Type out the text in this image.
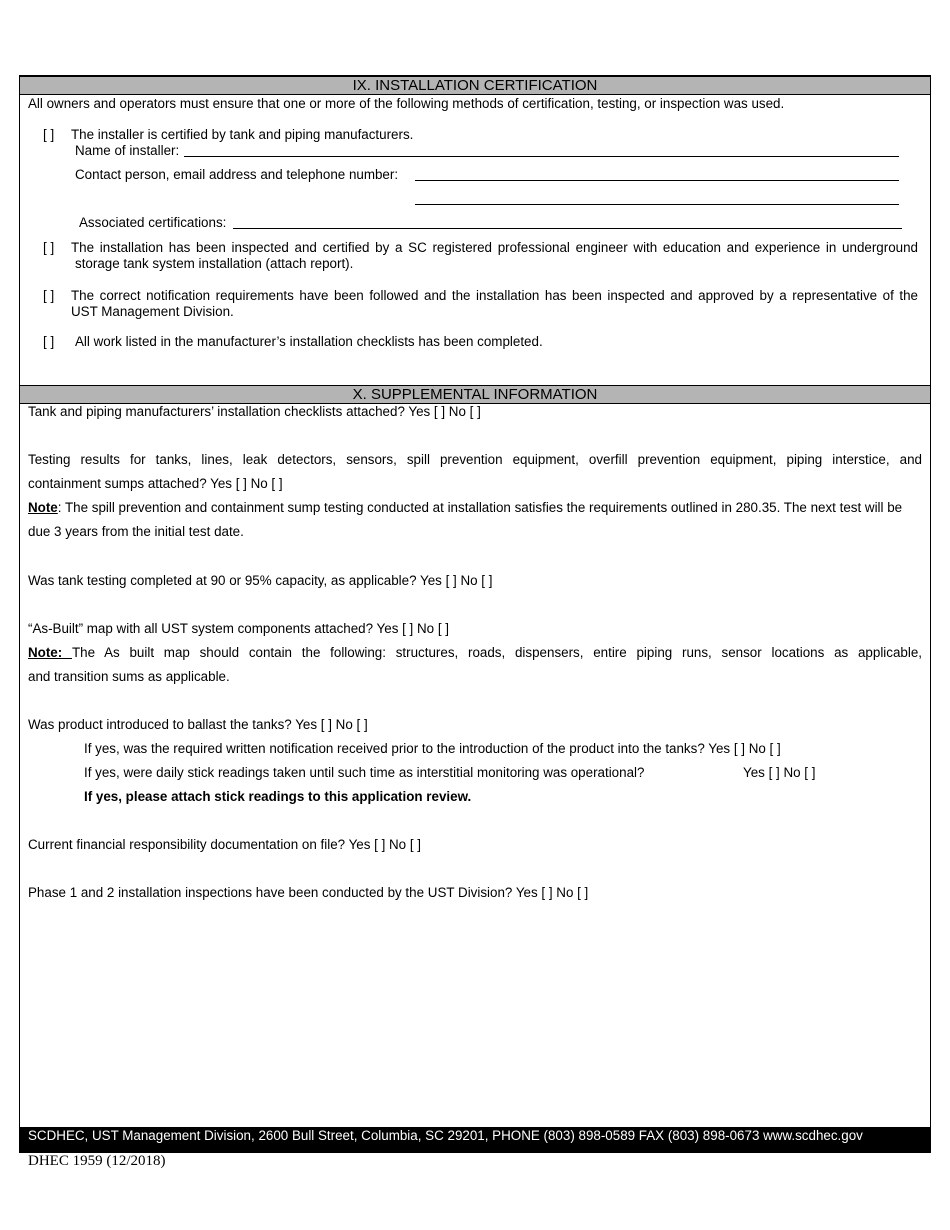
IX. INSTALLATION CERTIFICATION
All owners and operators must ensure that one or more of the following methods of certification, testing, or inspection was used.
[ ] The installer is certified by tank and piping manufacturers.
Name of installer:
Contact person, email address and telephone number:
Associated certifications:
[ ] The installation has been inspected and certified by a SC registered professional engineer with education and experience in underground
storage tank system installation (attach report).
[ ] The correct notification requirements have been followed and the installation has been inspected and approved by a representative of the
UST Management Division.
[ ] All work listed in the manufacturer’s installation checklists has been completed.
X. SUPPLEMENTAL INFORMATION
Tank and piping manufacturers’ installation checklists attached? Yes [ ] No [ ]
Testing results for tanks, lines, leak detectors, sensors, spill prevention equipment, overfill prevention equipment, piping interstice, and
containment sumps attached? Yes [ ] No [ ]
Note: The spill prevention and containment sump testing conducted at installation satisfies the requirements outlined in 280.35. The next test will be
due 3 years from the initial test date.
Was tank testing completed at 90 or 95% capacity, as applicable? Yes [ ] No [ ]
“As-Built” map with all UST system components attached? Yes [ ] No [ ]
Note: The As built map should contain the following: structures, roads, dispensers, entire piping runs, sensor locations as applicable,
and transition sums as applicable.
Was product introduced to ballast the tanks? Yes [ ] No [ ]
If yes, was the required written notification received prior to the introduction of the product into the tanks? Yes [ ] No [ ]
If yes, were daily stick readings taken until such time as interstitial monitoring was operational?	Yes [ ] No [ ]
If yes, please attach stick readings to this application review.
Current financial responsibility documentation on file? Yes [ ] No [ ]
Phase 1 and 2 installation inspections have been conducted by the UST Division? Yes [ ] No [ ]
SCDHEC, UST Management Division, 2600 Bull Street, Columbia, SC 29201, PHONE (803) 898-0589 FAX (803) 898-0673 www.scdhec.gov
DHEC 1959 (12/2018)
